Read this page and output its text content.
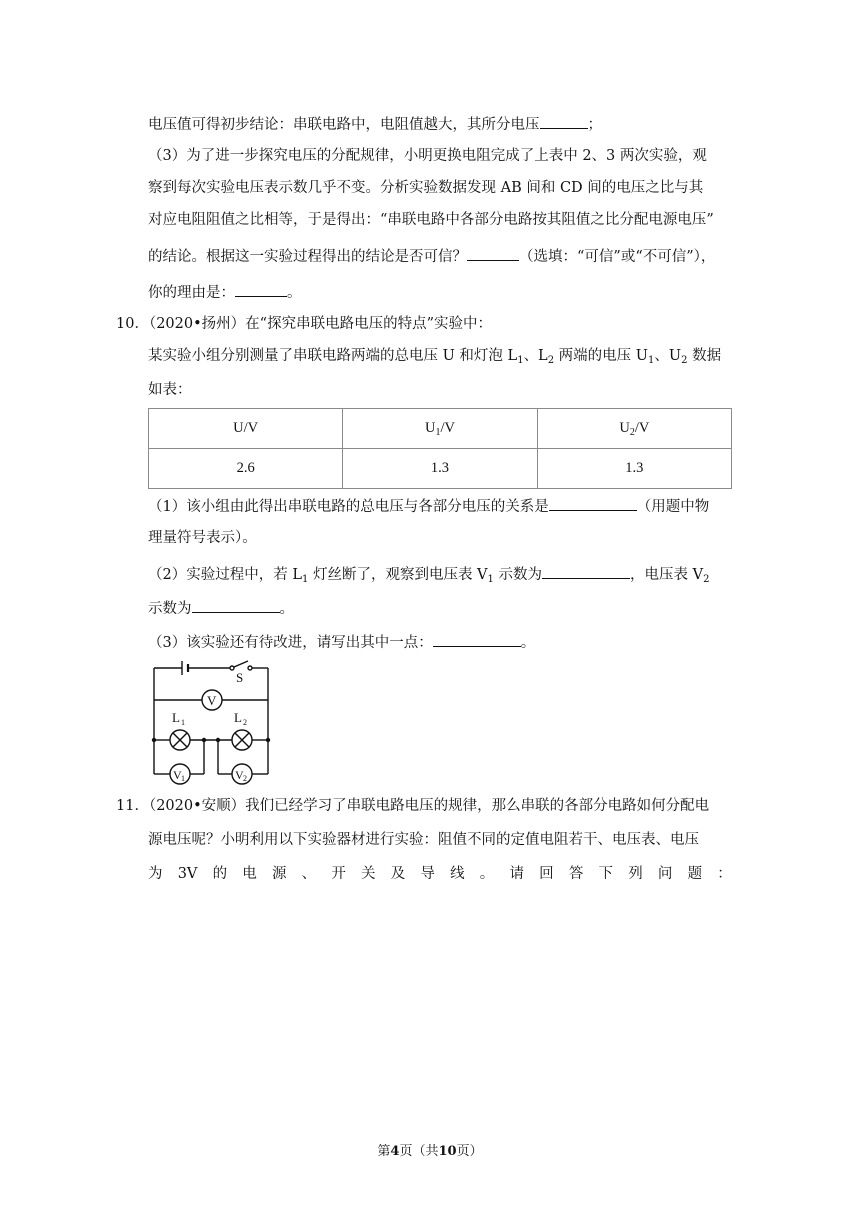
电压值可得初步结论：串联电路中，电阻值越大，其所分电压	；
（3）为了进一步探究电压的分配规律，小明更换电阻完成了上表中 2、3 两次实验，观
察到每次实验电压表示数几乎不变。分析实验数据发现 AB 间和 CD 间的电压之比与其
对应电阻阻值之比相等，于是得出：“串联电路中各部分电路按其阻值之比分配电源电压”
的结论。根据这一实验过程得出的结论是否可信？	（选填：“可信”或“不可信”），
你的理由是：	。
10．（2020•扬州）在“探究串联电路电压的特点”实验中：
某实验小组分别测量了串联电路两端的总电压 U 和灯泡 $L_1$、$L_2$ 两端的电压 $U_1$、$U_2$ 数据
如表：
U/V	$U_1/V$	$U_2/V$
2.6	1.3	1.3
（1）该小组由此得出串联电路的总电压与各部分电压的关系是	（用题中物
理量符号表示）。
（2）实验过程中，若 $L_1$ 灯丝断了，观察到电压表 $V_1$ 示数为	，电压表 $V_2$
示数为	。
（3）该实验还有待改进，请写出其中一点：	。
S
V
L 1	L 2
V 1	V 2
11．（2020•安顺）我们已经学习了串联电路电压的规律，那么串联的各部分电路如何分配电
源电压呢？小明利用以下实验器材进行实验：阻值不同的定值电阻若干、电压表、电压
为 3V 的 电 源 、 开 关 及 导 线 。 请 回 答 下 列 问 题 ：
第4页（共10页）
